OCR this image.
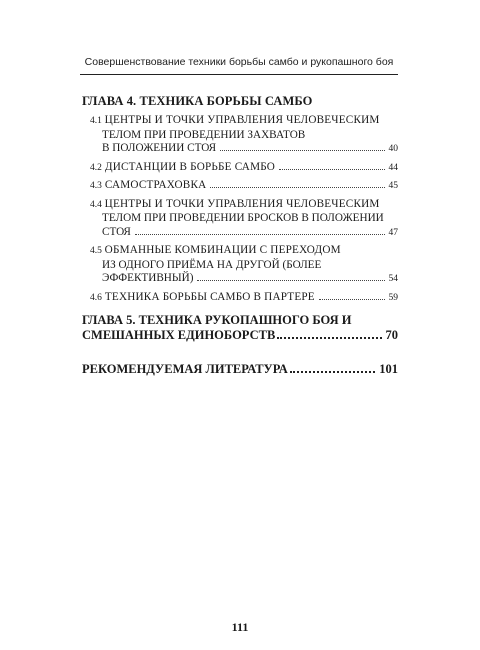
Совершенствование техники борьбы самбо и рукопашного боя
ГЛАВА 4. ТЕХНИКА БОРЬБЫ САМБО
4.1 ЦЕНТРЫ И ТОЧКИ УПРАВЛЕНИЯ ЧЕЛОВЕЧЕСКИМ
ТЕЛОМ ПРИ ПРОВЕДЕНИИ ЗАХВАТОВ
В ПОЛОЖЕНИИ СТОЯ	40
4.2 ДИСТАНЦИИ В БОРЬБЕ САМБО	44
4.3 САМОСТРАХОВКА	45
4.4 ЦЕНТРЫ И ТОЧКИ УПРАВЛЕНИЯ ЧЕЛОВЕЧЕСКИМ
ТЕЛОМ ПРИ ПРОВЕДЕНИИ БРОСКОВ В ПОЛОЖЕНИИ
СТОЯ	47
4.5 ОБМАННЫЕ КОМБИНАЦИИ С ПЕРЕХОДОМ
ИЗ ОДНОГО ПРИЁМА НА ДРУГОЙ (БОЛЕЕ
ЭФФЕКТИВНЫЙ)	54
4.6 ТЕХНИКА БОРЬБЫ САМБО В ПАРТЕРЕ	59
ГЛАВА 5. ТЕХНИКА РУКОПАШНОГО БОЯ И
СМЕШАННЫХ ЕДИНОБОРСТВ	70
РЕКОМЕНДУЕМАЯ ЛИТЕРАТУРА	101
111
